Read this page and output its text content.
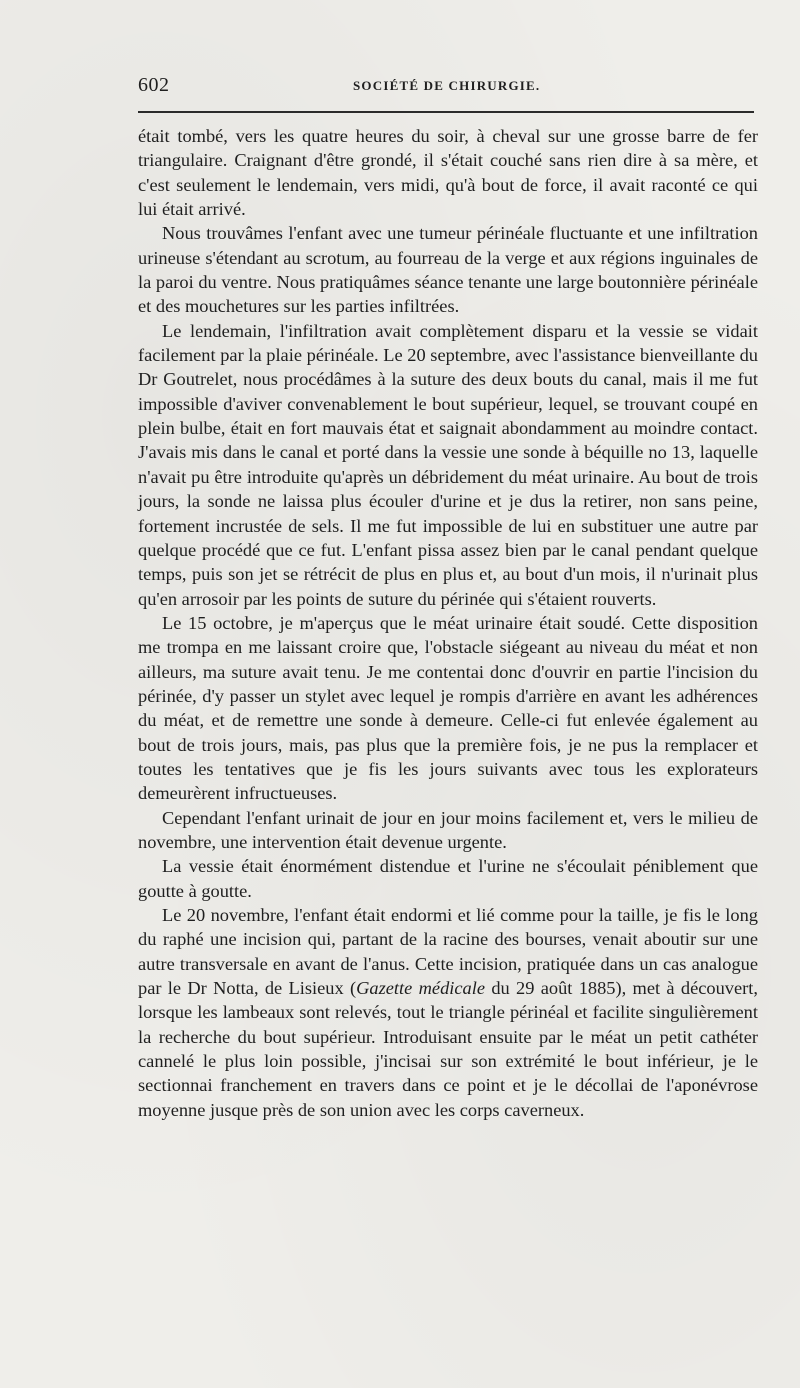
602	SOCIÉTÉ DE CHIRURGIE.

était tombé, vers les quatre heures du soir, à cheval sur une grosse barre de fer triangulaire. Craignant d'être grondé, il s'était couché sans rien dire à sa mère, et c'est seulement le lendemain, vers midi, qu'à bout de force, il avait raconté ce qui lui était arrivé.

Nous trouvâmes l'enfant avec une tumeur périnéale fluctuante et une infiltration urineuse s'étendant au scrotum, au fourreau de la verge et aux régions inguinales de la paroi du ventre. Nous pratiquâmes séance tenante une large boutonnière périnéale et des mouchetures sur les parties infiltrées.

Le lendemain, l'infiltration avait complètement disparu et la vessie se vidait facilement par la plaie périnéale. Le 20 septembre, avec l'assistance bienveillante du Dr Goutrelet, nous procédâmes à la suture des deux bouts du canal, mais il me fut impossible d'aviver convenablement le bout supérieur, lequel, se trouvant coupé en plein bulbe, était en fort mauvais état et saignait abondamment au moindre contact. J'avais mis dans le canal et porté dans la vessie une sonde à béquille no 13, laquelle n'avait pu être introduite qu'après un débridement du méat urinaire. Au bout de trois jours, la sonde ne laissa plus écouler d'urine et je dus la retirer, non sans peine, fortement incrustée de sels. Il me fut impossible de lui en substituer une autre par quelque procédé que ce fut. L'enfant pissa assez bien par le canal pendant quelque temps, puis son jet se rétrécit de plus en plus et, au bout d'un mois, il n'urinait plus qu'en arrosoir par les points de suture du périnée qui s'étaient rouverts.

Le 15 octobre, je m'aperçus que le méat urinaire était soudé. Cette disposition me trompa en me laissant croire que, l'obstacle siégeant au niveau du méat et non ailleurs, ma suture avait tenu. Je me contentai donc d'ouvrir en partie l'incision du périnée, d'y passer un stylet avec lequel je rompis d'arrière en avant les adhérences du méat, et de remettre une sonde à demeure. Celle-ci fut enlevée également au bout de trois jours, mais, pas plus que la première fois, je ne pus la remplacer et toutes les tentatives que je fis les jours suivants avec tous les explorateurs demeurèrent infructueuses.

Cependant l'enfant urinait de jour en jour moins facilement et, vers le milieu de novembre, une intervention était devenue urgente.

La vessie était énormément distendue et l'urine ne s'écoulait péniblement que goutte à goutte.

Le 20 novembre, l'enfant était endormi et lié comme pour la taille, je fis le long du raphé une incision qui, partant de la racine des bourses, venait aboutir sur une autre transversale en avant de l'anus. Cette incision, pratiquée dans un cas analogue par le Dr Notta, de Lisieux (Gazette médicale du 29 août 1885), met à découvert, lorsque les lambeaux sont relevés, tout le triangle périnéal et facilite singulièrement la recherche du bout supérieur. Introduisant ensuite par le méat un petit cathéter cannelé le plus loin possible, j'incisai sur son extrémité le bout inférieur, je le sectionnai franchement en travers dans ce point et je le décollai de l'aponévrose moyenne jusque près de son union avec les corps caverneux.
